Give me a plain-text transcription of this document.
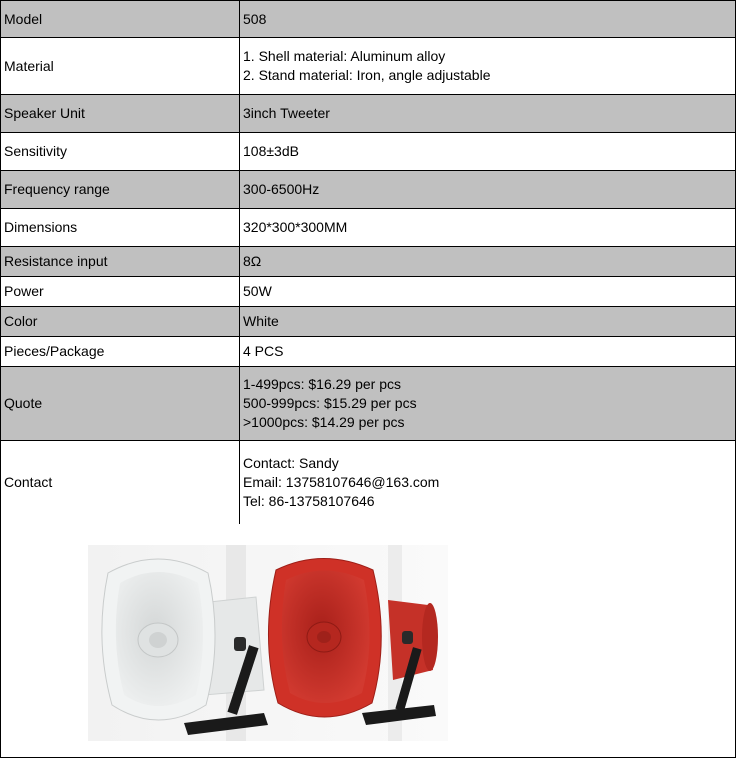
Model	508

Material	1. Shell material: Aluminum alloy
2. Stand material: Iron, angle adjustable

Speaker Unit	3inch Tweeter

Sensitivity	108±3dB

Frequency range	300-6500Hz

Dimensions	320*300*300MM

Resistance input	8Ω

Power	50W

Color	White

Pieces/Package	4 PCS

Quote	1-499pcs: $16.29 per pcs
500-999pcs: $15.29 per pcs
>1000pcs: $14.29 per pcs

Contact	Contact: Sandy
Email: 13758107646@163.com
Tel: 86-13758107646
